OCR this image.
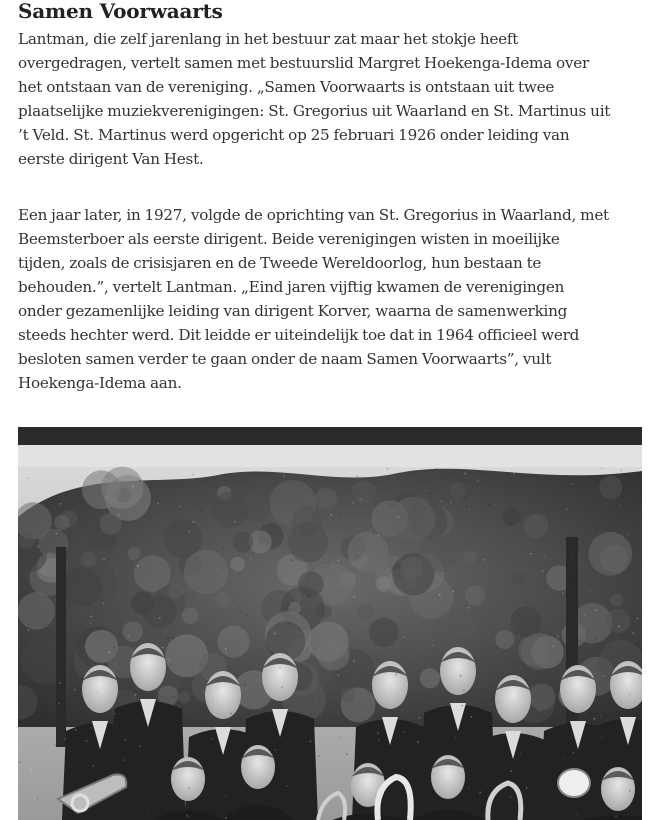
Samen Voorwaarts

Lantman, die zelf jarenlang in het bestuur zat maar het stokje heeft
overgedragen, vertelt samen met bestuurslid Margret Hoekenga-Idema over
het ontstaan van de vereniging. „Samen Voorwaarts is ontstaan uit twee
plaatselijke muziekverenigingen: St. Gregorius uit Waarland en St. Martinus uit
’t Veld. St. Martinus werd opgericht op 25 februari 1926 onder leiding van
eerste dirigent Van Hest.

Een jaar later, in 1927, volgde de oprichting van St. Gregorius in Waarland, met
Beemsterboer als eerste dirigent. Beide verenigingen wisten in moeilijke
tijden, zoals de crisisjaren en de Tweede Wereldoorlog, hun bestaan te
behouden.”, vertelt Lantman. „Eind jaren vijftig kwamen de verenigingen
onder gezamenlijke leiding van dirigent Korver, waarna de samenwerking
steeds hechter werd. Dit leidde er uiteindelijk toe dat in 1964 officieel werd
besloten samen verder te gaan onder de naam Samen Voorwaarts”, vult
Hoekenga-Idema aan.
